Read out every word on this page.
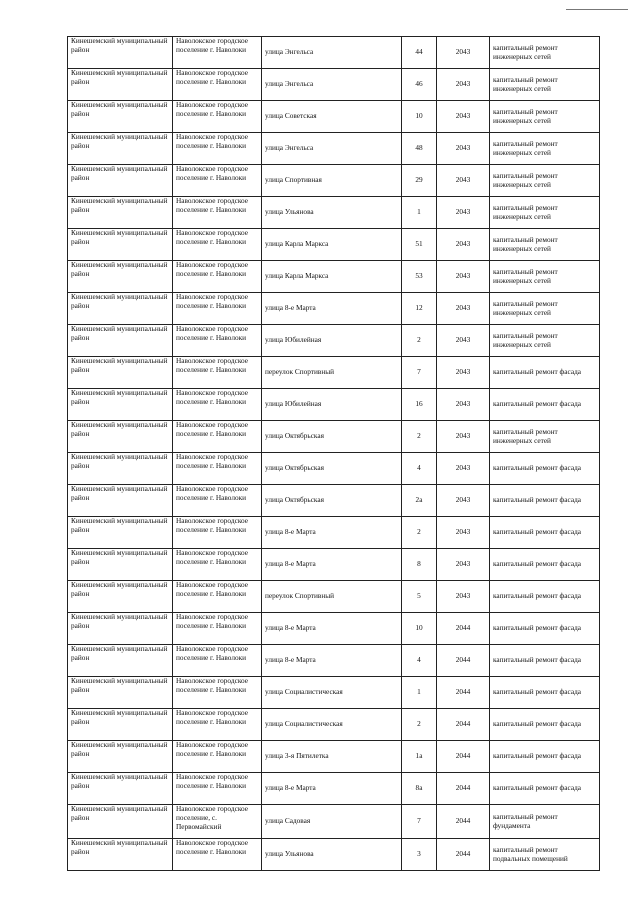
Кинешемский муниципальный район	Наволокское городское поселение г. Наволоки	улица Энгельса	44	2043	капитальный ремонт инженерных сетей
Кинешемский муниципальный район	Наволокское городское поселение г. Наволоки	улица Энгельса	46	2043	капитальный ремонт инженерных сетей
Кинешемский муниципальный район	Наволокское городское поселение г. Наволоки	улица Советская	10	2043	капитальный ремонт инженерных сетей
Кинешемский муниципальный район	Наволокское городское поселение г. Наволоки	улица Энгельса	48	2043	капитальный ремонт инженерных сетей
Кинешемский муниципальный район	Наволокское городское поселение г. Наволоки	улица Спортивная	29	2043	капитальный ремонт инженерных сетей
Кинешемский муниципальный район	Наволокское городское поселение г. Наволоки	улица Ульянова	1	2043	капитальный ремонт инженерных сетей
Кинешемский муниципальный район	Наволокское городское поселение г. Наволоки	улица Карла Маркса	51	2043	капитальный ремонт инженерных сетей
Кинешемский муниципальный район	Наволокское городское поселение г. Наволоки	улица Карла Маркса	53	2043	капитальный ремонт инженерных сетей
Кинешемский муниципальный район	Наволокское городское поселение г. Наволоки	улица 8-е Марта	12	2043	капитальный ремонт инженерных сетей
Кинешемский муниципальный район	Наволокское городское поселение г. Наволоки	улица Юбилейная	2	2043	капитальный ремонт инженерных сетей
Кинешемский муниципальный район	Наволокское городское поселение г. Наволоки	переулок Спортивный	7	2043	капитальный ремонт фасада
Кинешемский муниципальный район	Наволокское городское поселение г. Наволоки	улица Юбилейная	16	2043	капитальный ремонт фасада
Кинешемский муниципальный район	Наволокское городское поселение г. Наволоки	улица Октябрьская	2	2043	капитальный ремонт инженерных сетей
Кинешемский муниципальный район	Наволокское городское поселение г. Наволоки	улица Октябрьская	4	2043	капитальный ремонт фасада
Кинешемский муниципальный район	Наволокское городское поселение г. Наволоки	улица Октябрьская	2а	2043	капитальный ремонт фасада
Кинешемский муниципальный район	Наволокское городское поселение г. Наволоки	улица 8-е Марта	2	2043	капитальный ремонт фасада
Кинешемский муниципальный район	Наволокское городское поселение г. Наволоки	улица 8-е Марта	8	2043	капитальный ремонт фасада
Кинешемский муниципальный район	Наволокское городское поселение г. Наволоки	переулок Спортивный	5	2043	капитальный ремонт фасада
Кинешемский муниципальный район	Наволокское городское поселение г. Наволоки	улица 8-е Марта	10	2044	капитальный ремонт фасада
Кинешемский муниципальный район	Наволокское городское поселение г. Наволоки	улица 8-е Марта	4	2044	капитальный ремонт фасада
Кинешемский муниципальный район	Наволокское городское поселение г. Наволоки	улица Социалистическая	1	2044	капитальный ремонт фасада
Кинешемский муниципальный район	Наволокское городское поселение г. Наволоки	улица Социалистическая	2	2044	капитальный ремонт фасада
Кинешемский муниципальный район	Наволокское городское поселение г. Наволоки	улица 3-я Пятилетка	1а	2044	капитальный ремонт фасада
Кинешемский муниципальный район	Наволокское городское поселение г. Наволоки	улица 8-е Марта	8а	2044	капитальный ремонт фасада
Кинешемский муниципальный район	Наволокское городское поселение, с. Первомайский	улица Садовая	7	2044	капитальный ремонт фундамента
Кинешемский муниципальный район	Наволокское городское поселение г. Наволоки	улица Ульянова	3	2044	капитальный ремонт подвальных помещений
